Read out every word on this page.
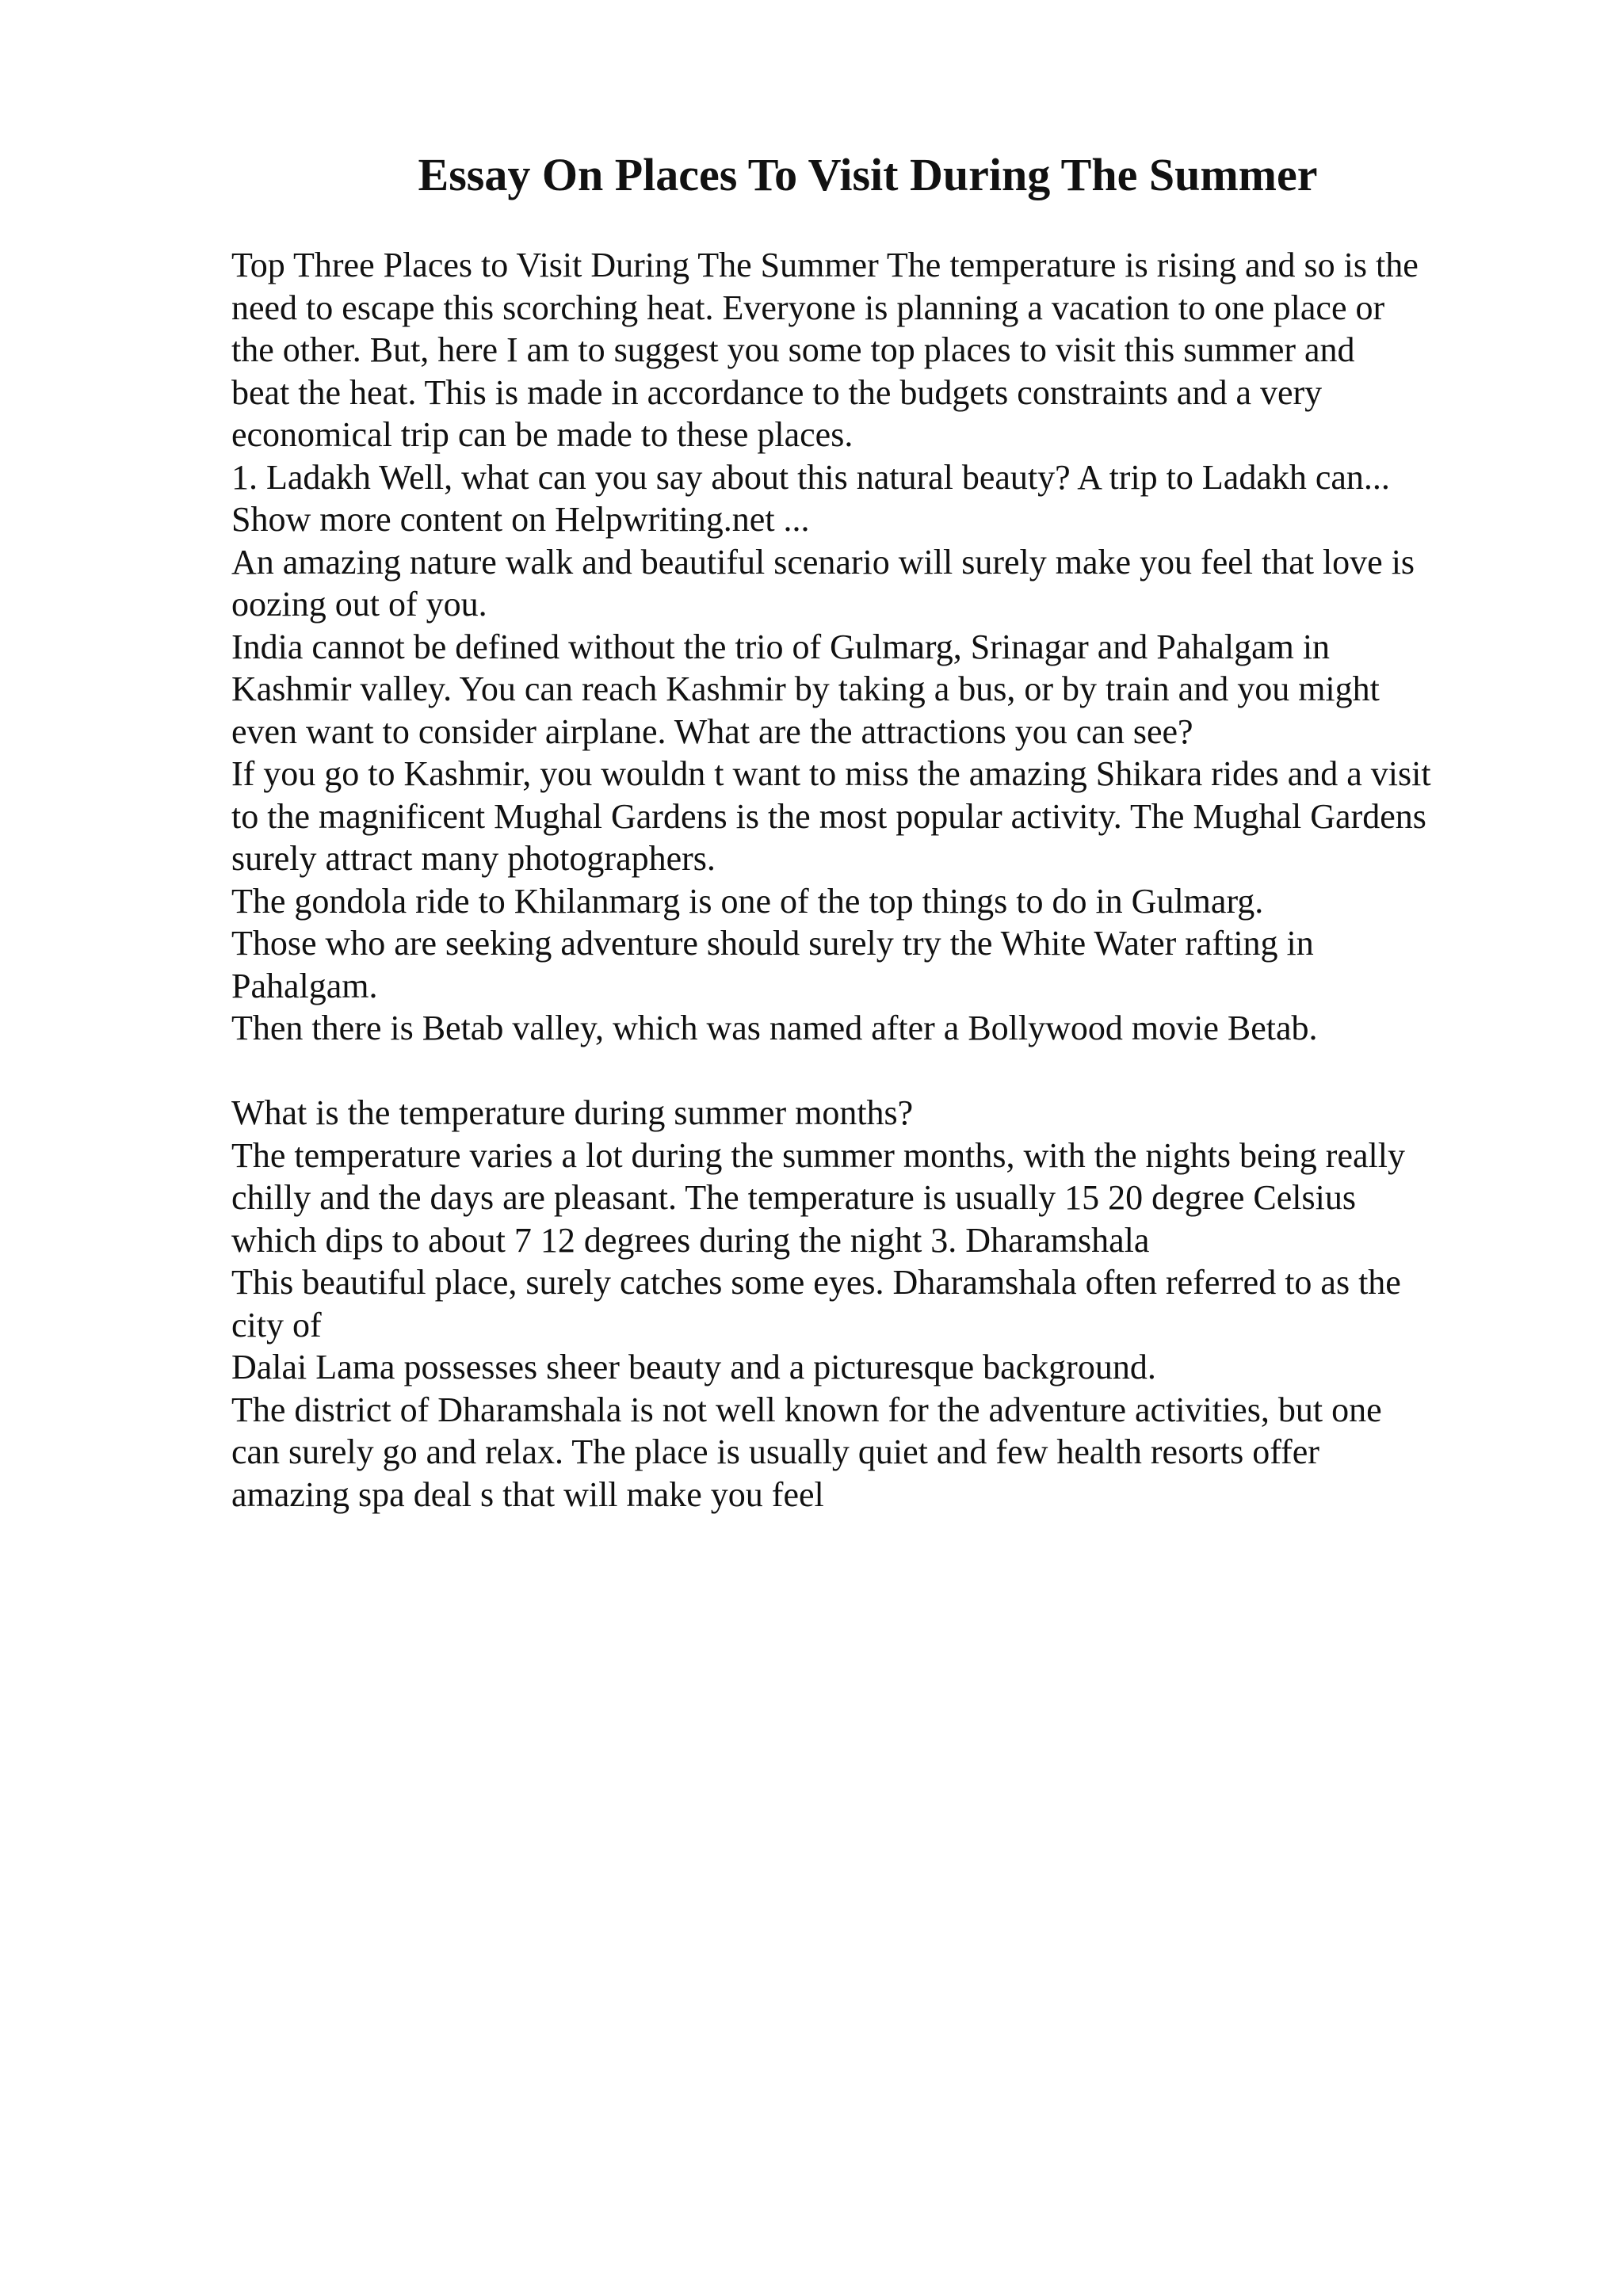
Essay On Places To Visit During The Summer
Top Three Places to Visit During The Summer The temperature is rising and so is the
need to escape this scorching heat. Everyone is planning a vacation to one place or
the other. But, here I am to suggest you some top places to visit this summer and
beat the heat. This is made in accordance to the budgets constraints and a very
economical trip can be made to these places.
1. Ladakh Well, what can you say about this natural beauty? A trip to Ladakh can...
Show more content on Helpwriting.net ...
An amazing nature walk and beautiful scenario will surely make you feel that love is
oozing out of you.
India cannot be defined without the trio of Gulmarg, Srinagar and Pahalgam in
Kashmir valley. You can reach Kashmir by taking a bus, or by train and you might
even want to consider airplane. What are the attractions you can see?
If you go to Kashmir, you wouldn t want to miss the amazing Shikara rides and a visit
to the magnificent Mughal Gardens is the most popular activity. The Mughal Gardens
surely attract many photographers.
The gondola ride to Khilanmarg is one of the top things to do in Gulmarg.
Those who are seeking adventure should surely try the White Water rafting in
Pahalgam.
Then there is Betab valley, which was named after a Bollywood movie Betab.
What is the temperature during summer months?
The temperature varies a lot during the summer months, with the nights being really
chilly and the days are pleasant. The temperature is usually 15 20 degree Celsius
which dips to about 7 12 degrees during the night 3. Dharamshala
This beautiful place, surely catches some eyes. Dharamshala often referred to as the
city of
Dalai Lama possesses sheer beauty and a picturesque background.
The district of Dharamshala is not well known for the adventure activities, but one
can surely go and relax. The place is usually quiet and few health resorts offer
amazing spa deal s that will make you feel
